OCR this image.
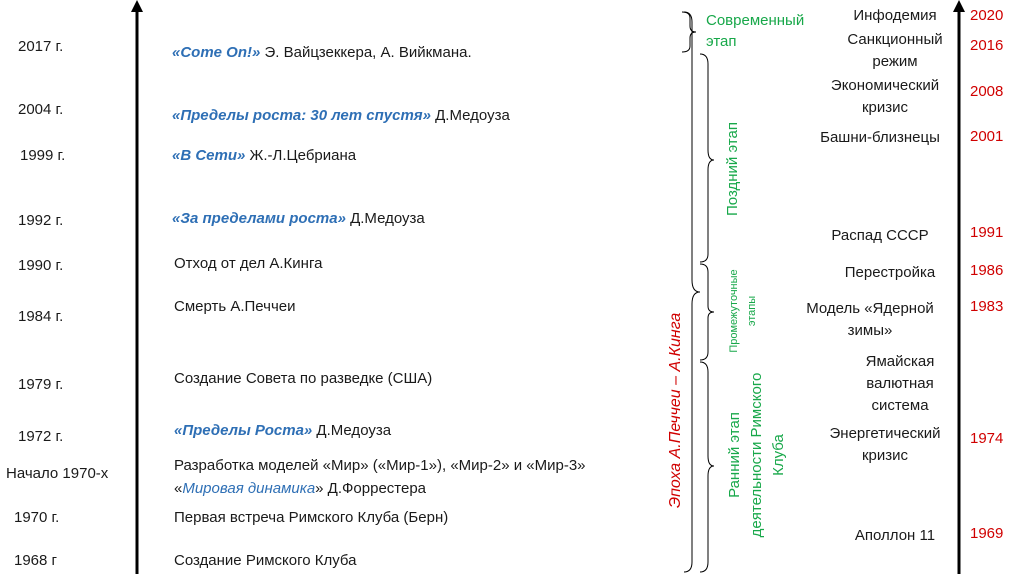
2017 г.
2004 г.
1999 г.
1992 г.
1990 г.
1984 г.
1979 г.
1972 г.
Начало 1970-х
1970 г.
1968 г
«Come On!» Э. Вайцзеккера, А. Вийкмана.
«Пределы роста: 30 лет спустя» Д.Медоуза
«В Сети» Ж.-Л.Цебриана
«За пределами роста» Д.Медоуза
Отход от дел А.Кинга
Смерть А.Печчеи
Создание Совета по разведке (США)
«Пределы Роста» Д.Медоуза
Разработка моделей «Мир» («Мир-1»), «Мир-2» и «Мир-3»
«Мировая динамика» Д.Форрестера
Первая встреча Римского Клуба (Берн)
Создание Римского Клуба
Эпоха А.Печчеи – А.Кинга
Современный этап
Поздний этап
Промежуточные этапы
Ранний этап деятельности Римского Клуба
Инфодемия
Санкционный режим
Экономический кризис
Башни-близнецы
Распад СССР
Перестройка
Модель «Ядерной зимы»
Ямайская валютная система
Энергетический кризис
Аполлон 11
2020
2016
2008
2001
1991
1986
1983
1974
1969
